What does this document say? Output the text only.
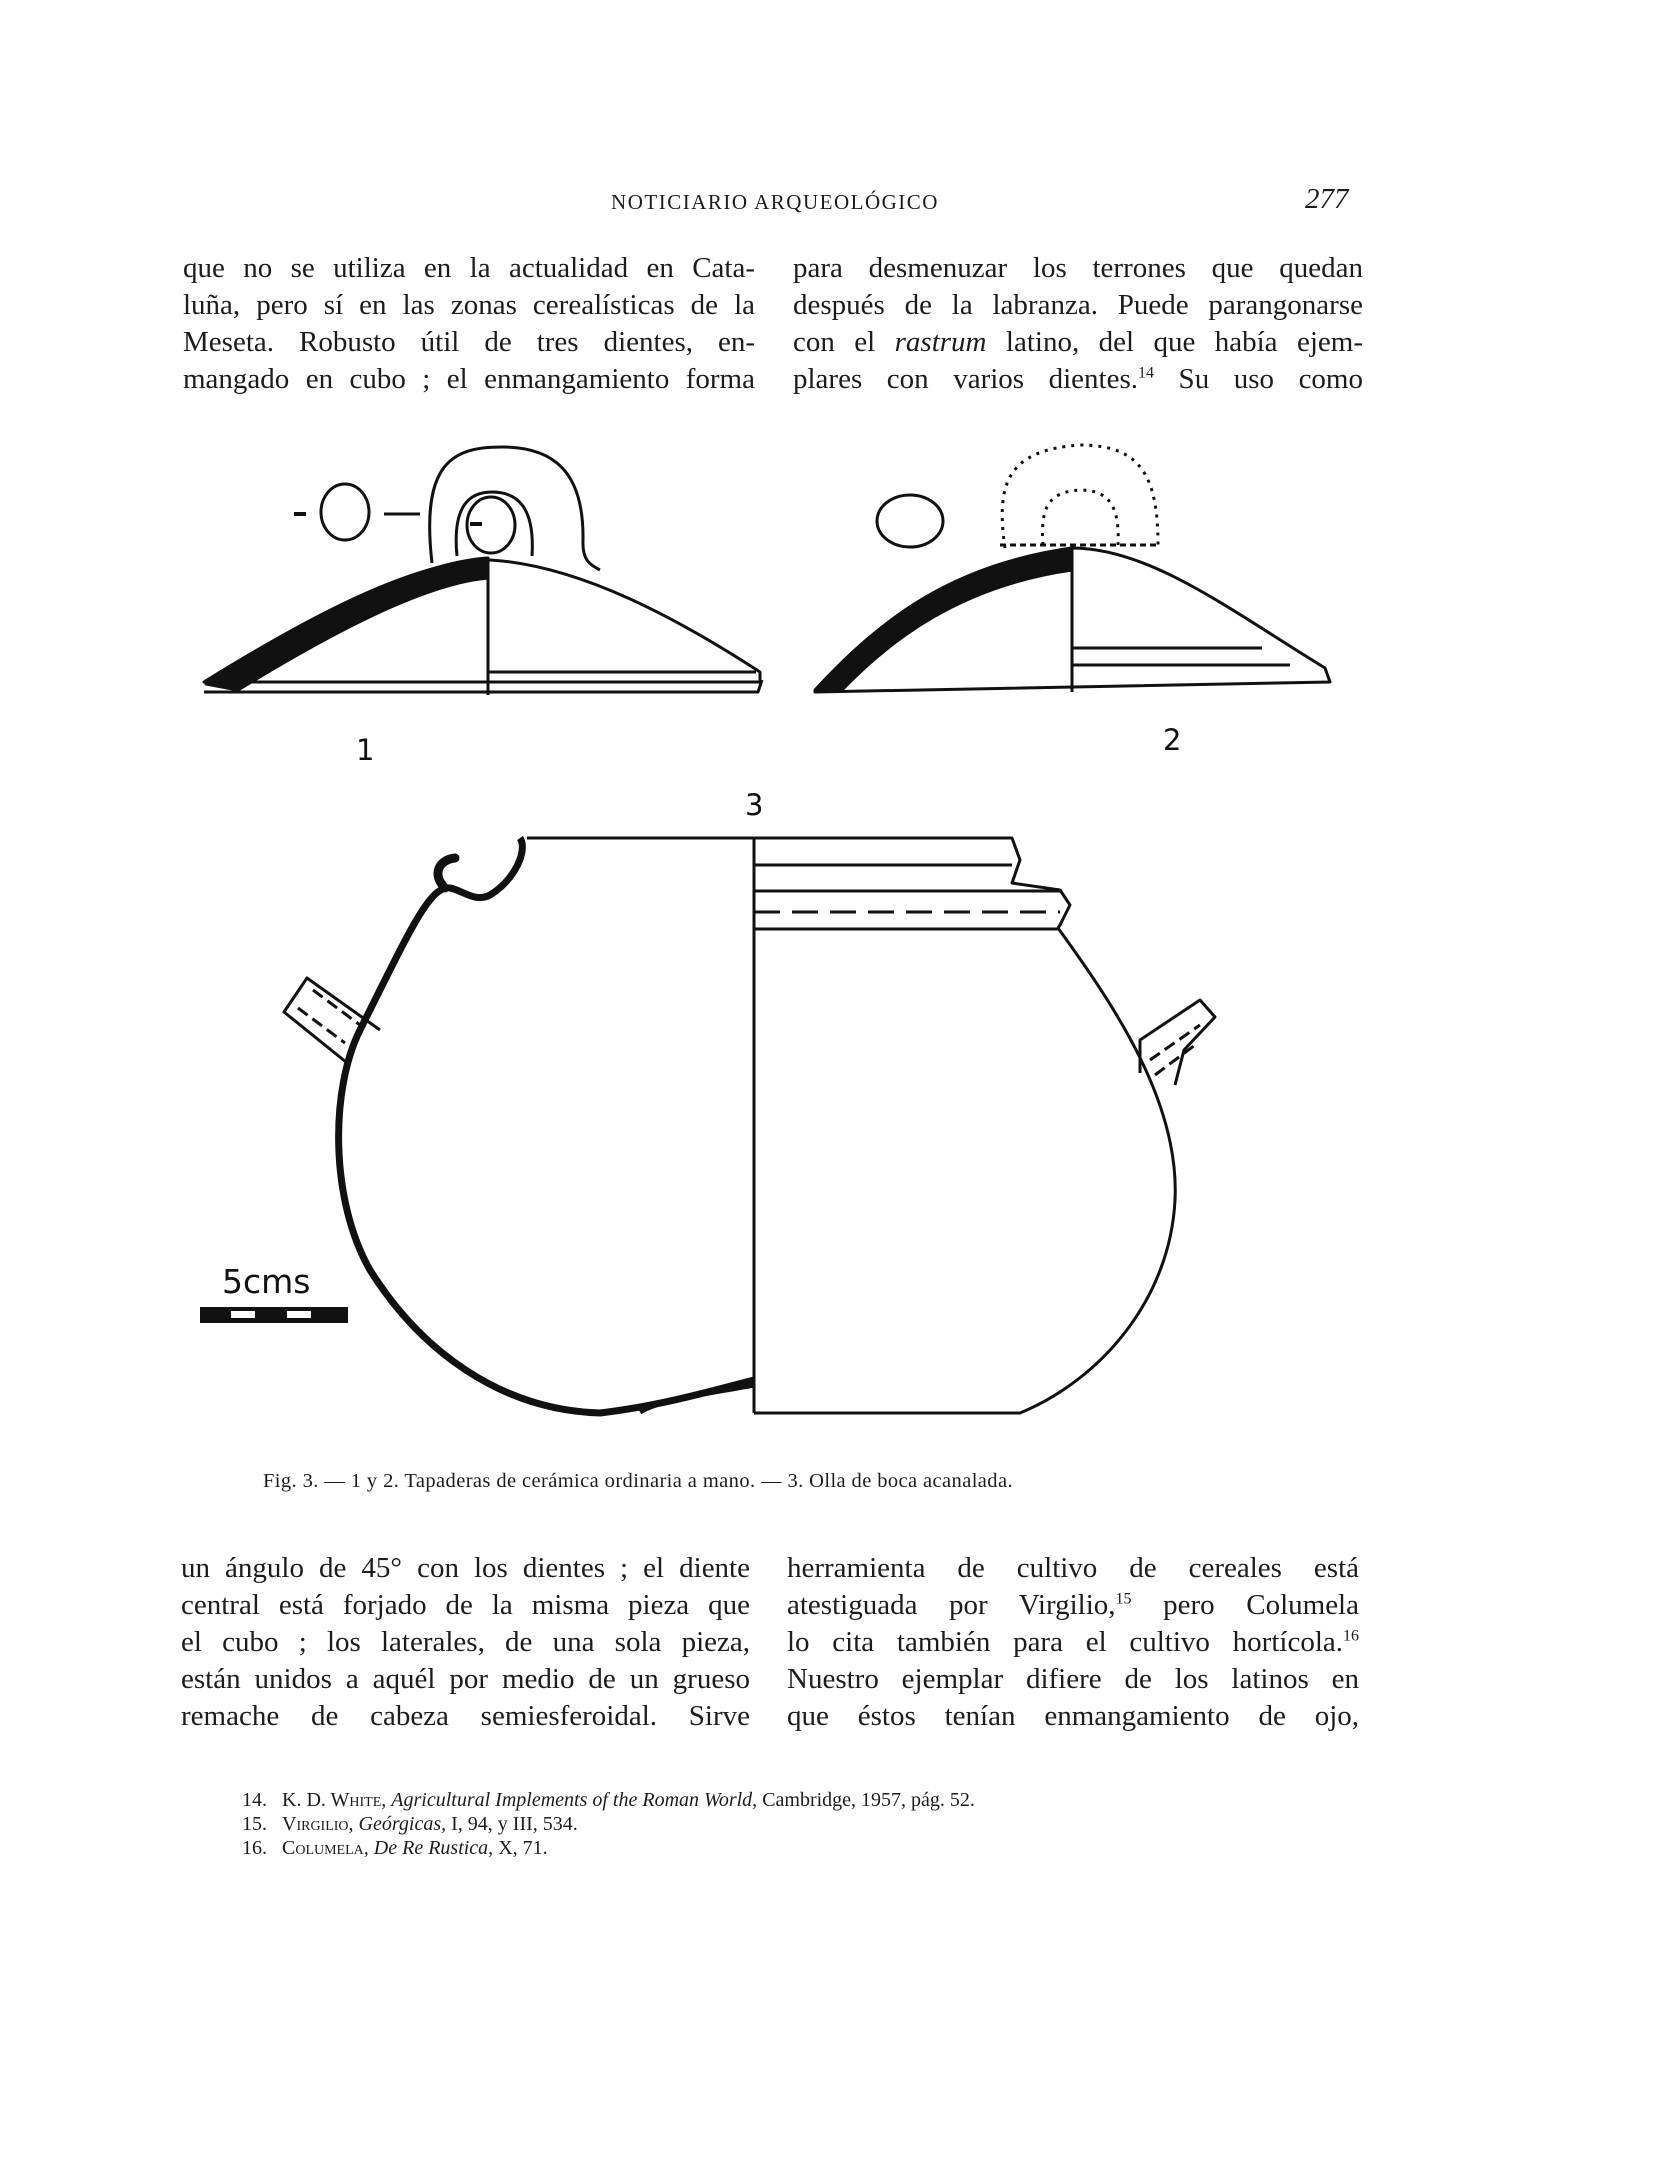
NOTICIARIO ARQUEOLÓGICO	277

que no se utiliza en la actualidad en Cata-

luña, pero sí en las zonas cerealísticas de la

Meseta. Robusto útil de tres dientes, en-

mangado en cubo ; el enmangamiento forma

para desmenuzar los terrones que quedan

después de la labranza. Puede parangonarse

con el rastrum latino, del que había ejem-

plares con varios dientes.$^{14}$ Su uso como

1	2
3
5cms
Fig. 3. — 1 y 2. Tapaderas de cerámica ordinaria a mano. — 3. Olla de boca acanalada.

un ángulo de 45° con los dientes ; el diente

central está forjado de la misma pieza que

el cubo ; los laterales, de una sola pieza,

están unidos a aquél por medio de un grueso

remache de cabeza semiesferoidal. Sirve

herramienta de cultivo de cereales está

atestiguada por Virgilio,$^{15}$ pero Columela

lo cita también para el cultivo hortícola.$^{16}$

Nuestro ejemplar difiere de los latinos en

que éstos tenían enmangamiento de ojo,

14. K. D. White, Agricultural Implements of the Roman World, Cambridge, 1957, pág. 52.
15. Virgilio, Geórgicas, I, 94, y III, 534.
16. Columela, De Re Rustica, X, 71.
